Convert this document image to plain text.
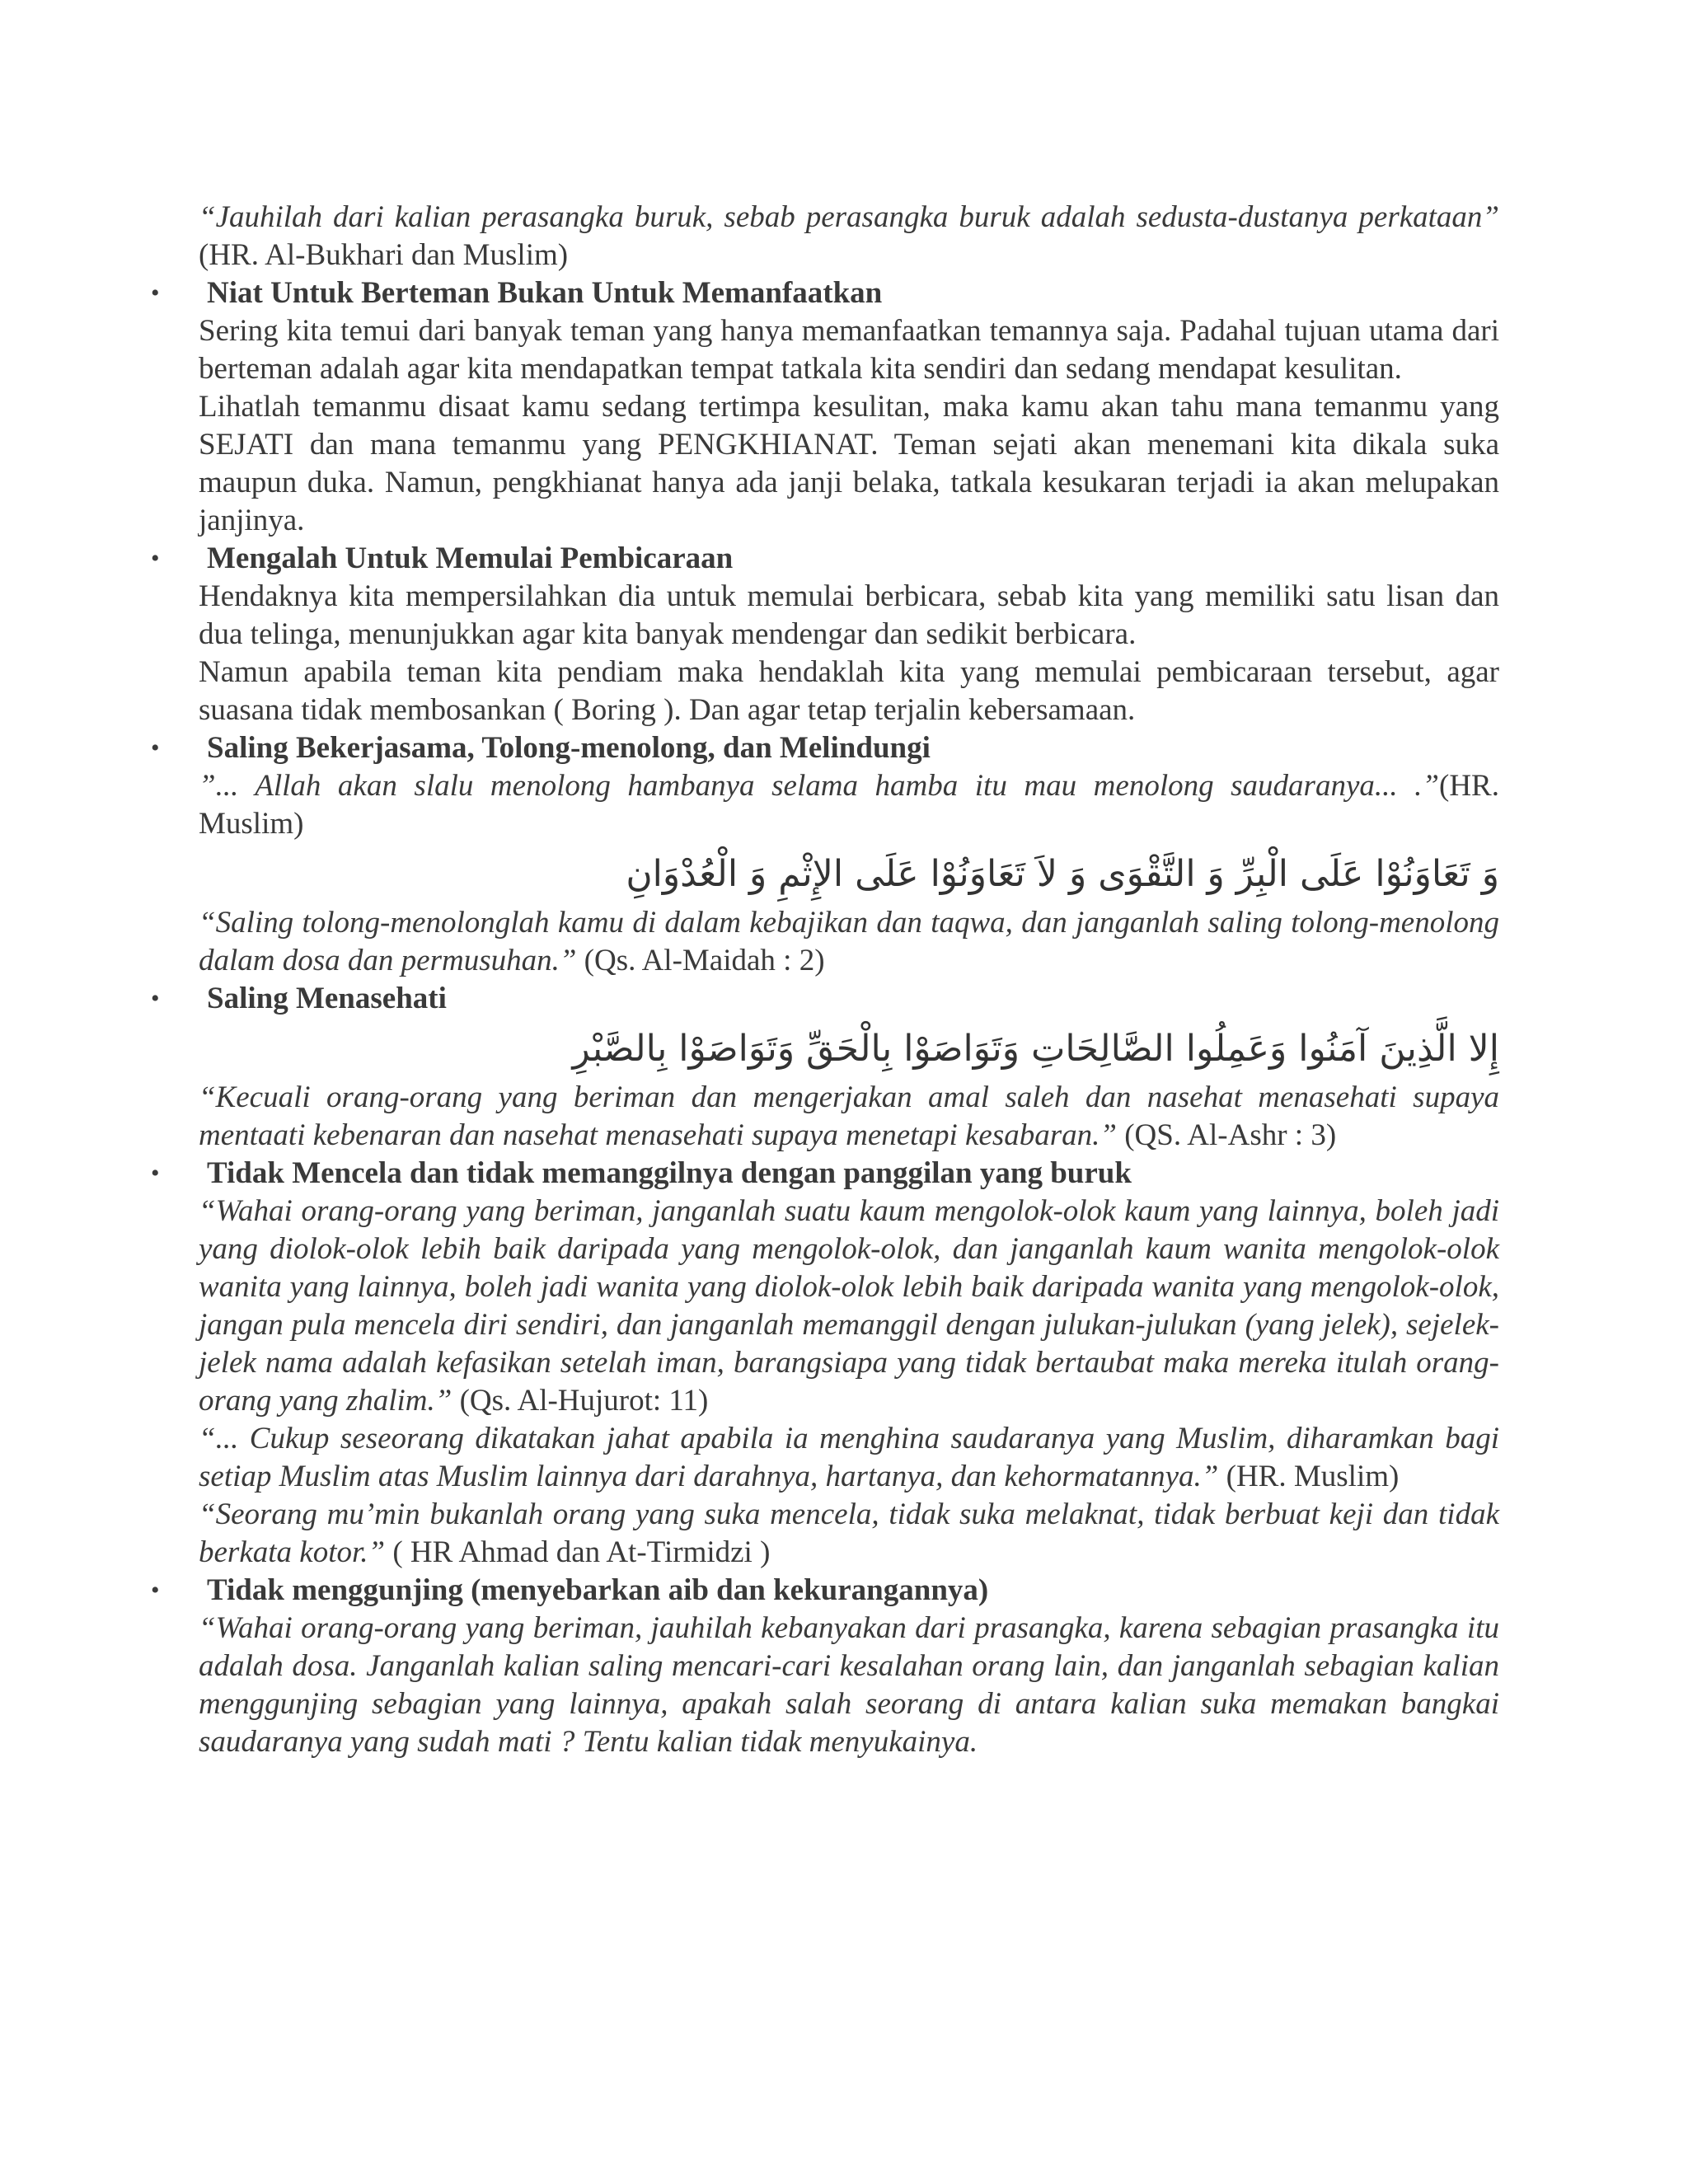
“Jauhilah dari kalian perasangka buruk, sebab perasangka buruk adalah sedusta-dustanya perkataan” (HR. Al-Bukhari dan Muslim)

• Niat Untuk Berteman Bukan Untuk Memanfaatkan

Sering kita temui dari banyak teman yang hanya memanfaatkan temannya saja. Padahal tujuan utama dari berteman adalah agar kita mendapatkan tempat tatkala kita sendiri dan sedang mendapat kesulitan.

Lihatlah temanmu disaat kamu sedang tertimpa kesulitan, maka kamu akan tahu mana temanmu yang SEJATI dan mana temanmu yang PENGKHIANAT. Teman sejati akan menemani kita dikala suka maupun duka. Namun, pengkhianat hanya ada janji belaka, tatkala kesukaran terjadi ia akan melupakan janjinya.

• Mengalah Untuk Memulai Pembicaraan

Hendaknya kita mempersilahkan dia untuk memulai berbicara, sebab kita yang memiliki satu lisan dan dua telinga, menunjukkan agar kita banyak mendengar dan sedikit berbicara.

Namun apabila teman kita pendiam maka hendaklah kita yang memulai pembicaraan tersebut, agar suasana tidak membosankan ( Boring ). Dan agar tetap terjalin kebersamaan.

• Saling Bekerjasama, Tolong-menolong, dan Melindungi

”... Allah akan slalu menolong hambanya selama hamba itu mau menolong saudaranya... .”(HR. Muslim)

وَ تَعَاوَنُوْا عَلَى الْبِرِّ وَ التَّقْوَى وَ لاَ تَعَاوَنُوْا عَلَى الإِثْمِ وَ الْعُدْوَانِ

“Saling tolong-menolonglah kamu di dalam kebajikan dan taqwa, dan janganlah saling tolong-menolong dalam dosa dan permusuhan.” (Qs. Al-Maidah : 2)

• Saling Menasehati
إِلا الَّذِينَ آمَنُوا وَعَمِلُوا الصَّالِحَاتِ وَتَوَاصَوْا بِالْحَقِّ وَتَوَاصَوْا بِالصَّبْرِ

“Kecuali orang-orang yang beriman dan mengerjakan amal saleh dan nasehat menasehati supaya mentaati kebenaran dan nasehat menasehati supaya menetapi kesabaran.” (QS. Al-Ashr : 3)

• Tidak Mencela dan tidak memanggilnya dengan panggilan yang buruk

“Wahai orang-orang yang beriman, janganlah suatu kaum mengolok-olok kaum yang lainnya, boleh jadi yang diolok-olok lebih baik daripada yang mengolok-olok, dan janganlah kaum wanita mengolok-olok wanita yang lainnya, boleh jadi wanita yang diolok-olok lebih baik daripada wanita yang mengolok-olok, jangan pula mencela diri sendiri, dan janganlah memanggil dengan julukan-julukan (yang jelek), sejelek-jelek nama adalah kefasikan setelah iman, barangsiapa yang tidak bertaubat maka mereka itulah orang-orang yang zhalim.” (Qs. Al-Hujurot: 11)

“... Cukup seseorang dikatakan jahat apabila ia menghina saudaranya yang Muslim, diharamkan bagi setiap Muslim atas Muslim lainnya dari darahnya, hartanya, dan kehormatannya.” (HR. Muslim)

“Seorang mu’min bukanlah orang yang suka mencela, tidak suka melaknat, tidak berbuat keji dan tidak berkata kotor.” ( HR Ahmad dan At-Tirmidzi )

• Tidak menggunjing (menyebarkan aib dan kekurangannya)

“Wahai orang-orang yang beriman, jauhilah kebanyakan dari prasangka, karena sebagian prasangka itu adalah dosa. Janganlah kalian saling mencari-cari kesalahan orang lain, dan janganlah sebagian kalian menggunjing sebagian yang lainnya, apakah salah seorang di antara kalian suka memakan bangkai saudaranya yang sudah mati ? Tentu kalian tidak menyukainya.
